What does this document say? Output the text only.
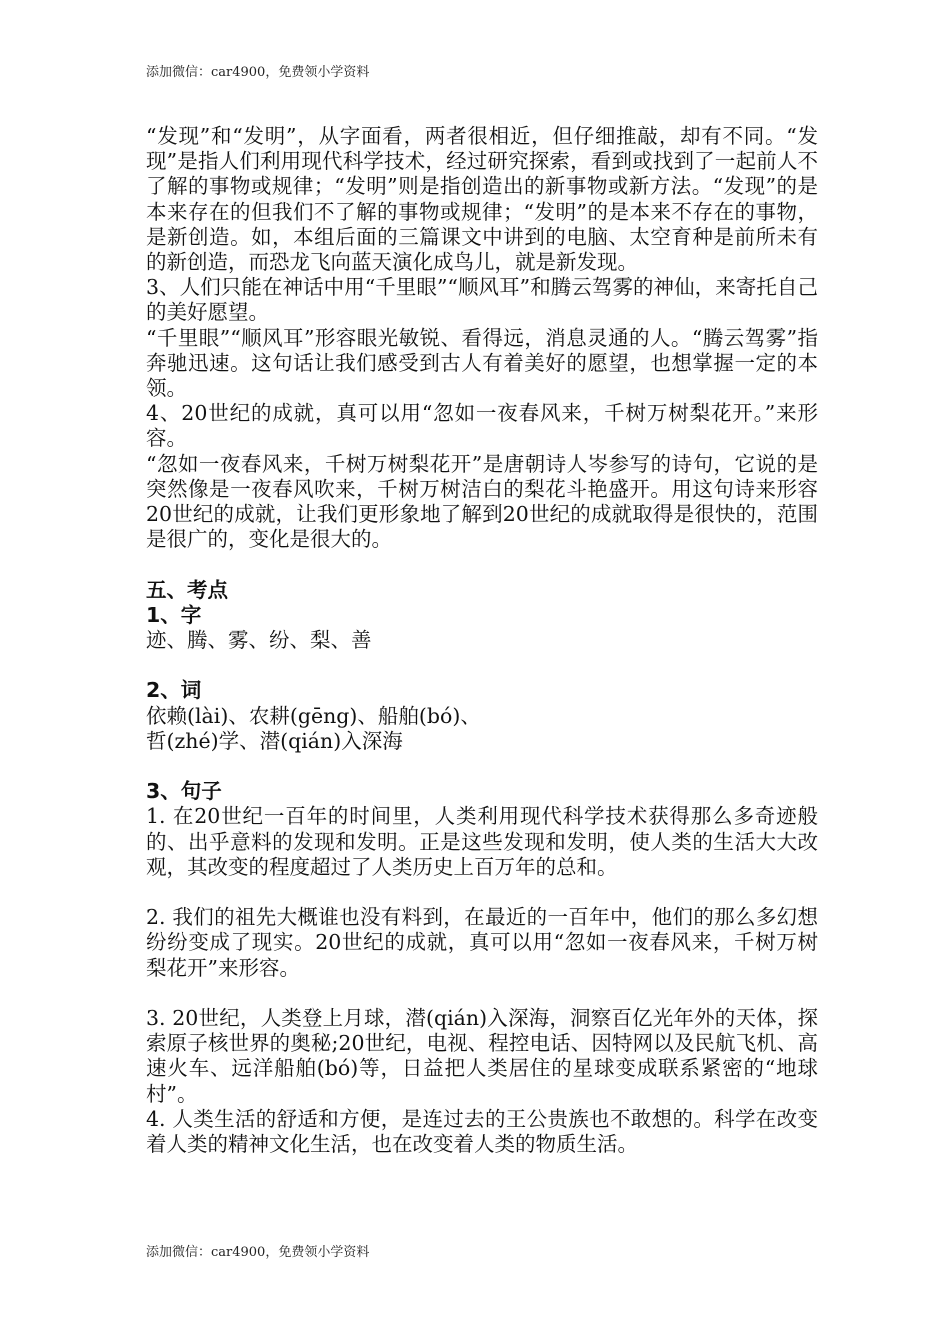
添加微信：car4900，免费领小学资料

“发现”和“发明”，从字面看，两者很相近，但仔细推敲，却有不同。“发现”是指人们利用现代科学技术，经过研究探索，看到或找到了一起前人不了解的事物或规律；“发明”则是指创造出的新事物或新方法。“发现”的是本来存在的但我们不了解的事物或规律；“发明”的是本来不存在的事物，是新创造。如，本组后面的三篇课文中讲到的电脑、太空育种是前所未有的新创造，而恐龙飞向蓝天演化成鸟儿，就是新发现。

3、人们只能在神话中用“千里眼”“顺风耳”和腾云驾雾的神仙，来寄托自己的美好愿望。

“千里眼”“顺风耳”形容眼光敏锐、看得远，消息灵通的人。“腾云驾雾”指奔驰迅速。这句话让我们感受到古人有着美好的愿望，也想掌握一定的本领。

4、20世纪的成就，真可以用“忽如一夜春风来，千树万树梨花开。”来形容。

“忽如一夜春风来，千树万树梨花开”是唐朝诗人岑参写的诗句，它说的是突然像是一夜春风吹来，千树万树洁白的梨花斗艳盛开。用这句诗来形容20世纪的成就，让我们更形象地了解到20世纪的成就取得是很快的，范围是很广的，变化是很大的。

五、考点

1、字

迹、腾、雾、纷、梨、善

2、词

依赖(lài)、农耕(gēng)、船舶(bó)、

哲(zhé)学、潜(qián)入深海

3、句子

1. 在20世纪一百年的时间里，人类利用现代科学技术获得那么多奇迹般的、出乎意料的发现和发明。正是这些发现和发明，使人类的生活大大改观，其改变的程度超过了人类历史上百万年的总和。

2. 我们的祖先大概谁也没有料到，在最近的一百年中，他们的那么多幻想纷纷变成了现实。20世纪的成就，真可以用“忽如一夜春风来，千树万树梨花开”来形容。

3. 20世纪，人类登上月球，潜(qián)入深海，洞察百亿光年外的天体，探索原子核世界的奥秘;20世纪，电视、程控电话、因特网以及民航飞机、高速火车、远洋船舶(bó)等，日益把人类居住的星球变成联系紧密的“地球村”。

4. 人类生活的舒适和方便，是连过去的王公贵族也不敢想的。科学在改变着人类的精神文化生活，也在改变着人类的物质生活。

添加微信：car4900，免费领小学资料
